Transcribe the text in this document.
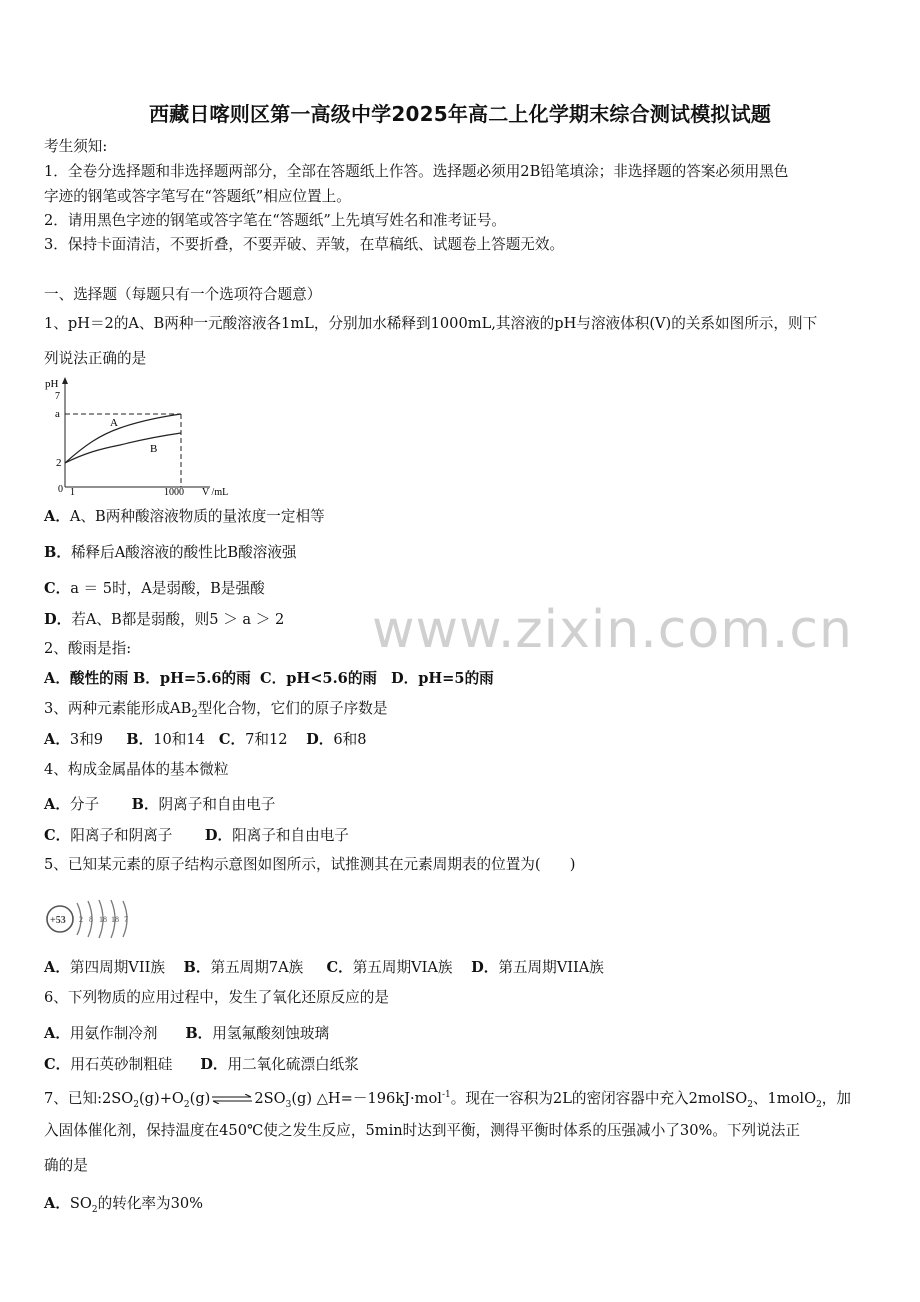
西藏日喀则区第一高级中学2025年高二上化学期末综合测试模拟试题
考生须知:
1．全卷分选择题和非选择题两部分，全部在答题纸上作答。选择题必须用2B铅笔填涂；非选择题的答案必须用黑色
字迹的钢笔或答字笔写在“答题纸”相应位置上。
2．请用黑色字迹的钢笔或答字笔在“答题纸”上先填写姓名和准考证号。
3．保持卡面清洁，不要折叠，不要弄破、弄皱，在草稿纸、试题卷上答题无效。
一、选择题（每题只有一个选项符合题意）
1、pH＝2的A、B两种一元酸溶液各1mL，分别加水稀释到1000mL,其溶液的pH与溶液体积(V)的关系如图所示，则下
列说法正确的是
pH
7
a
2
0 1	1000 V /mL
A
B
A．A、B两种酸溶液物质的量浓度一定相等
B．稀释后A酸溶液的酸性比B酸溶液强
C．a ＝ 5时，A是弱酸，B是强酸
D．若A、B都是弱酸，则5 ＞ a ＞ 2
2、酸雨是指:
A．酸性的雨 B．pH=5.6的雨 C．pH<5.6的雨 D．pH=5的雨
3、两种元素能形成$AB_2$型化合物，它们的原子序数是
A．3和9 B．10和14 C．7和12 D．6和8
4、构成金属晶体的基本微粒
A．分子 B．阴离子和自由电子
C．阳离子和阴离子 D．阳离子和自由电子
5、已知某元素的原子结构示意图如图所示，试推测其在元素周期表的位置为(　　)
+53 2 8 18 18 7
A．第四周期VII族 B．第五周期7A族 C．第五周期VIA族 D．第五周期VIIA族
6、下列物质的应用过程中，发生了氧化还原反应的是
A．用氨作制冷剂 B．用氢氟酸刻蚀玻璃
C．用石英砂制粗硅 D．用二氧化硫漂白纸浆
7、已知$:2SO_2(g)+O_2(g)\rightleftharpoons 2SO_3(g)$ △H=－196kJ·mol$^{-1}$。现在一容积为2L的密闭容器中充入2molSO$_2$、1molO$_2$，加
入固体催化剂，保持温度在450℃使之发生反应，5min时达到平衡，测得平衡时体系的压强减小了30%。下列说法正
确的是
A．$SO_2$的转化率为30%
www.zixin.com.cn
